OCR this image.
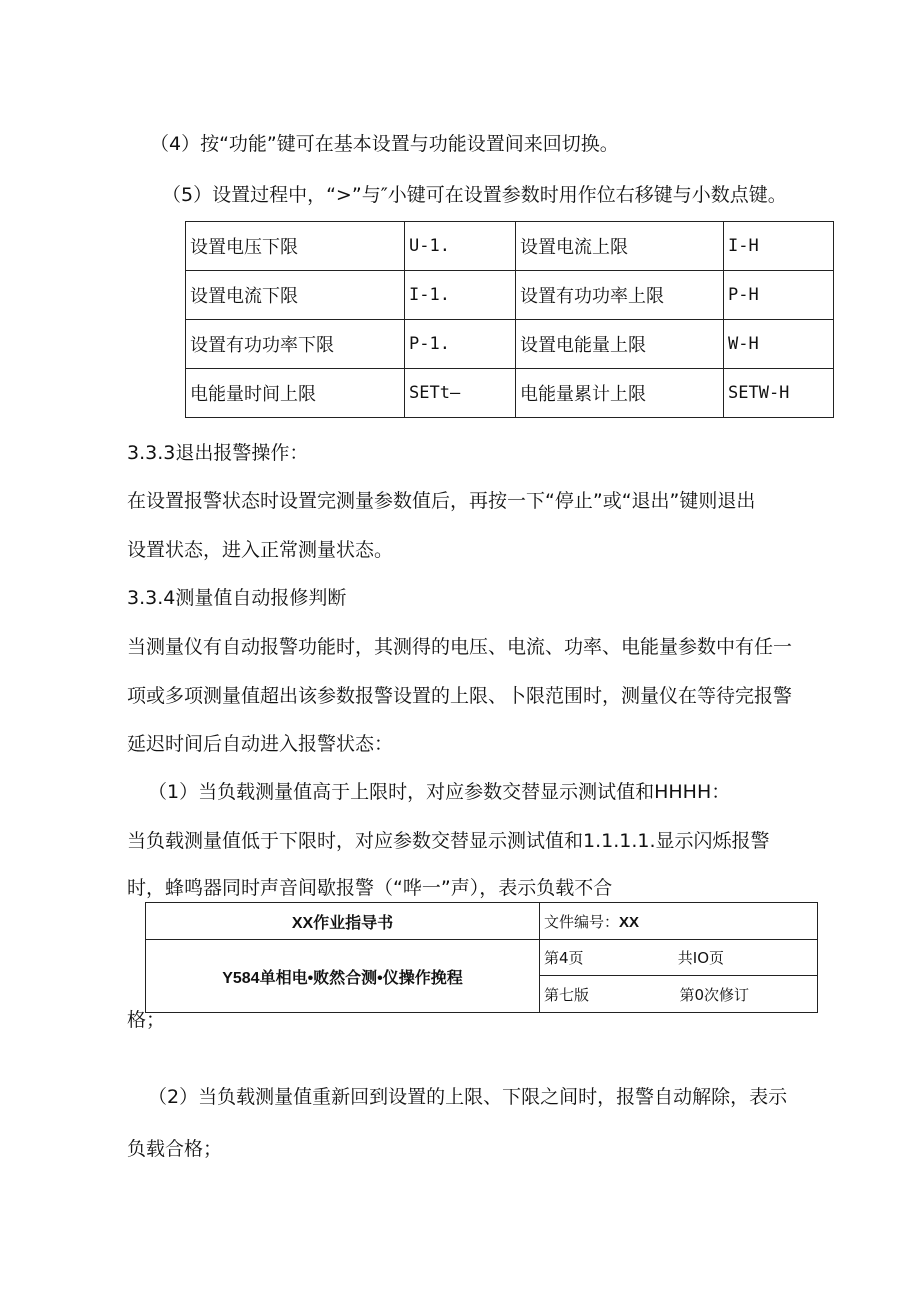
（4）按“功能”键可在基本设置与功能设置间来回切换。
（5）设置过程中，“>”与″小键可在设置参数时用作位右移键与小数点键。
设置电压下限	U-1.	设置电流上限	I-H
设置电流下限	I-1.	设置有功功率上限	P-H
设置有功功率下限	P-1.	设置电能量上限	W-H
电能量时间上限	SETt—	电能量累计上限	SETW-H
3.3.3退出报警操作：
在设置报警状态时设置完测量参数值后，再按一下“停止”或“退出”键则退出
设置状态，进入正常测量状态。
3.3.4测量值自动报修判断
当测量仪有自动报警功能时，其测得的电压、电流、功率、电能量参数中有任一
项或多项测量值超出该参数报警设置的上限、卜限范围时，测量仪在等待完报警
延迟时间后自动进入报警状态：
（1）当负载测量值高于上限时，对应参数交替显示测试值和HHHH：
当负载测量值低于下限时，对应参数交替显示测试值和1.1.1.1.显示闪烁报警
时，蜂鸣器同时声音间歇报警（“哗一”声），表示负载不合
XX作业指导书	文件编号：XX
Y584单相电•败然合测•仪操作挽程	第4页 共IO页

	第七版 第0次修订
格；
（2）当负载测量值重新回到设置的上限、下限之间时，报警自动解除，表示
负载合格；
